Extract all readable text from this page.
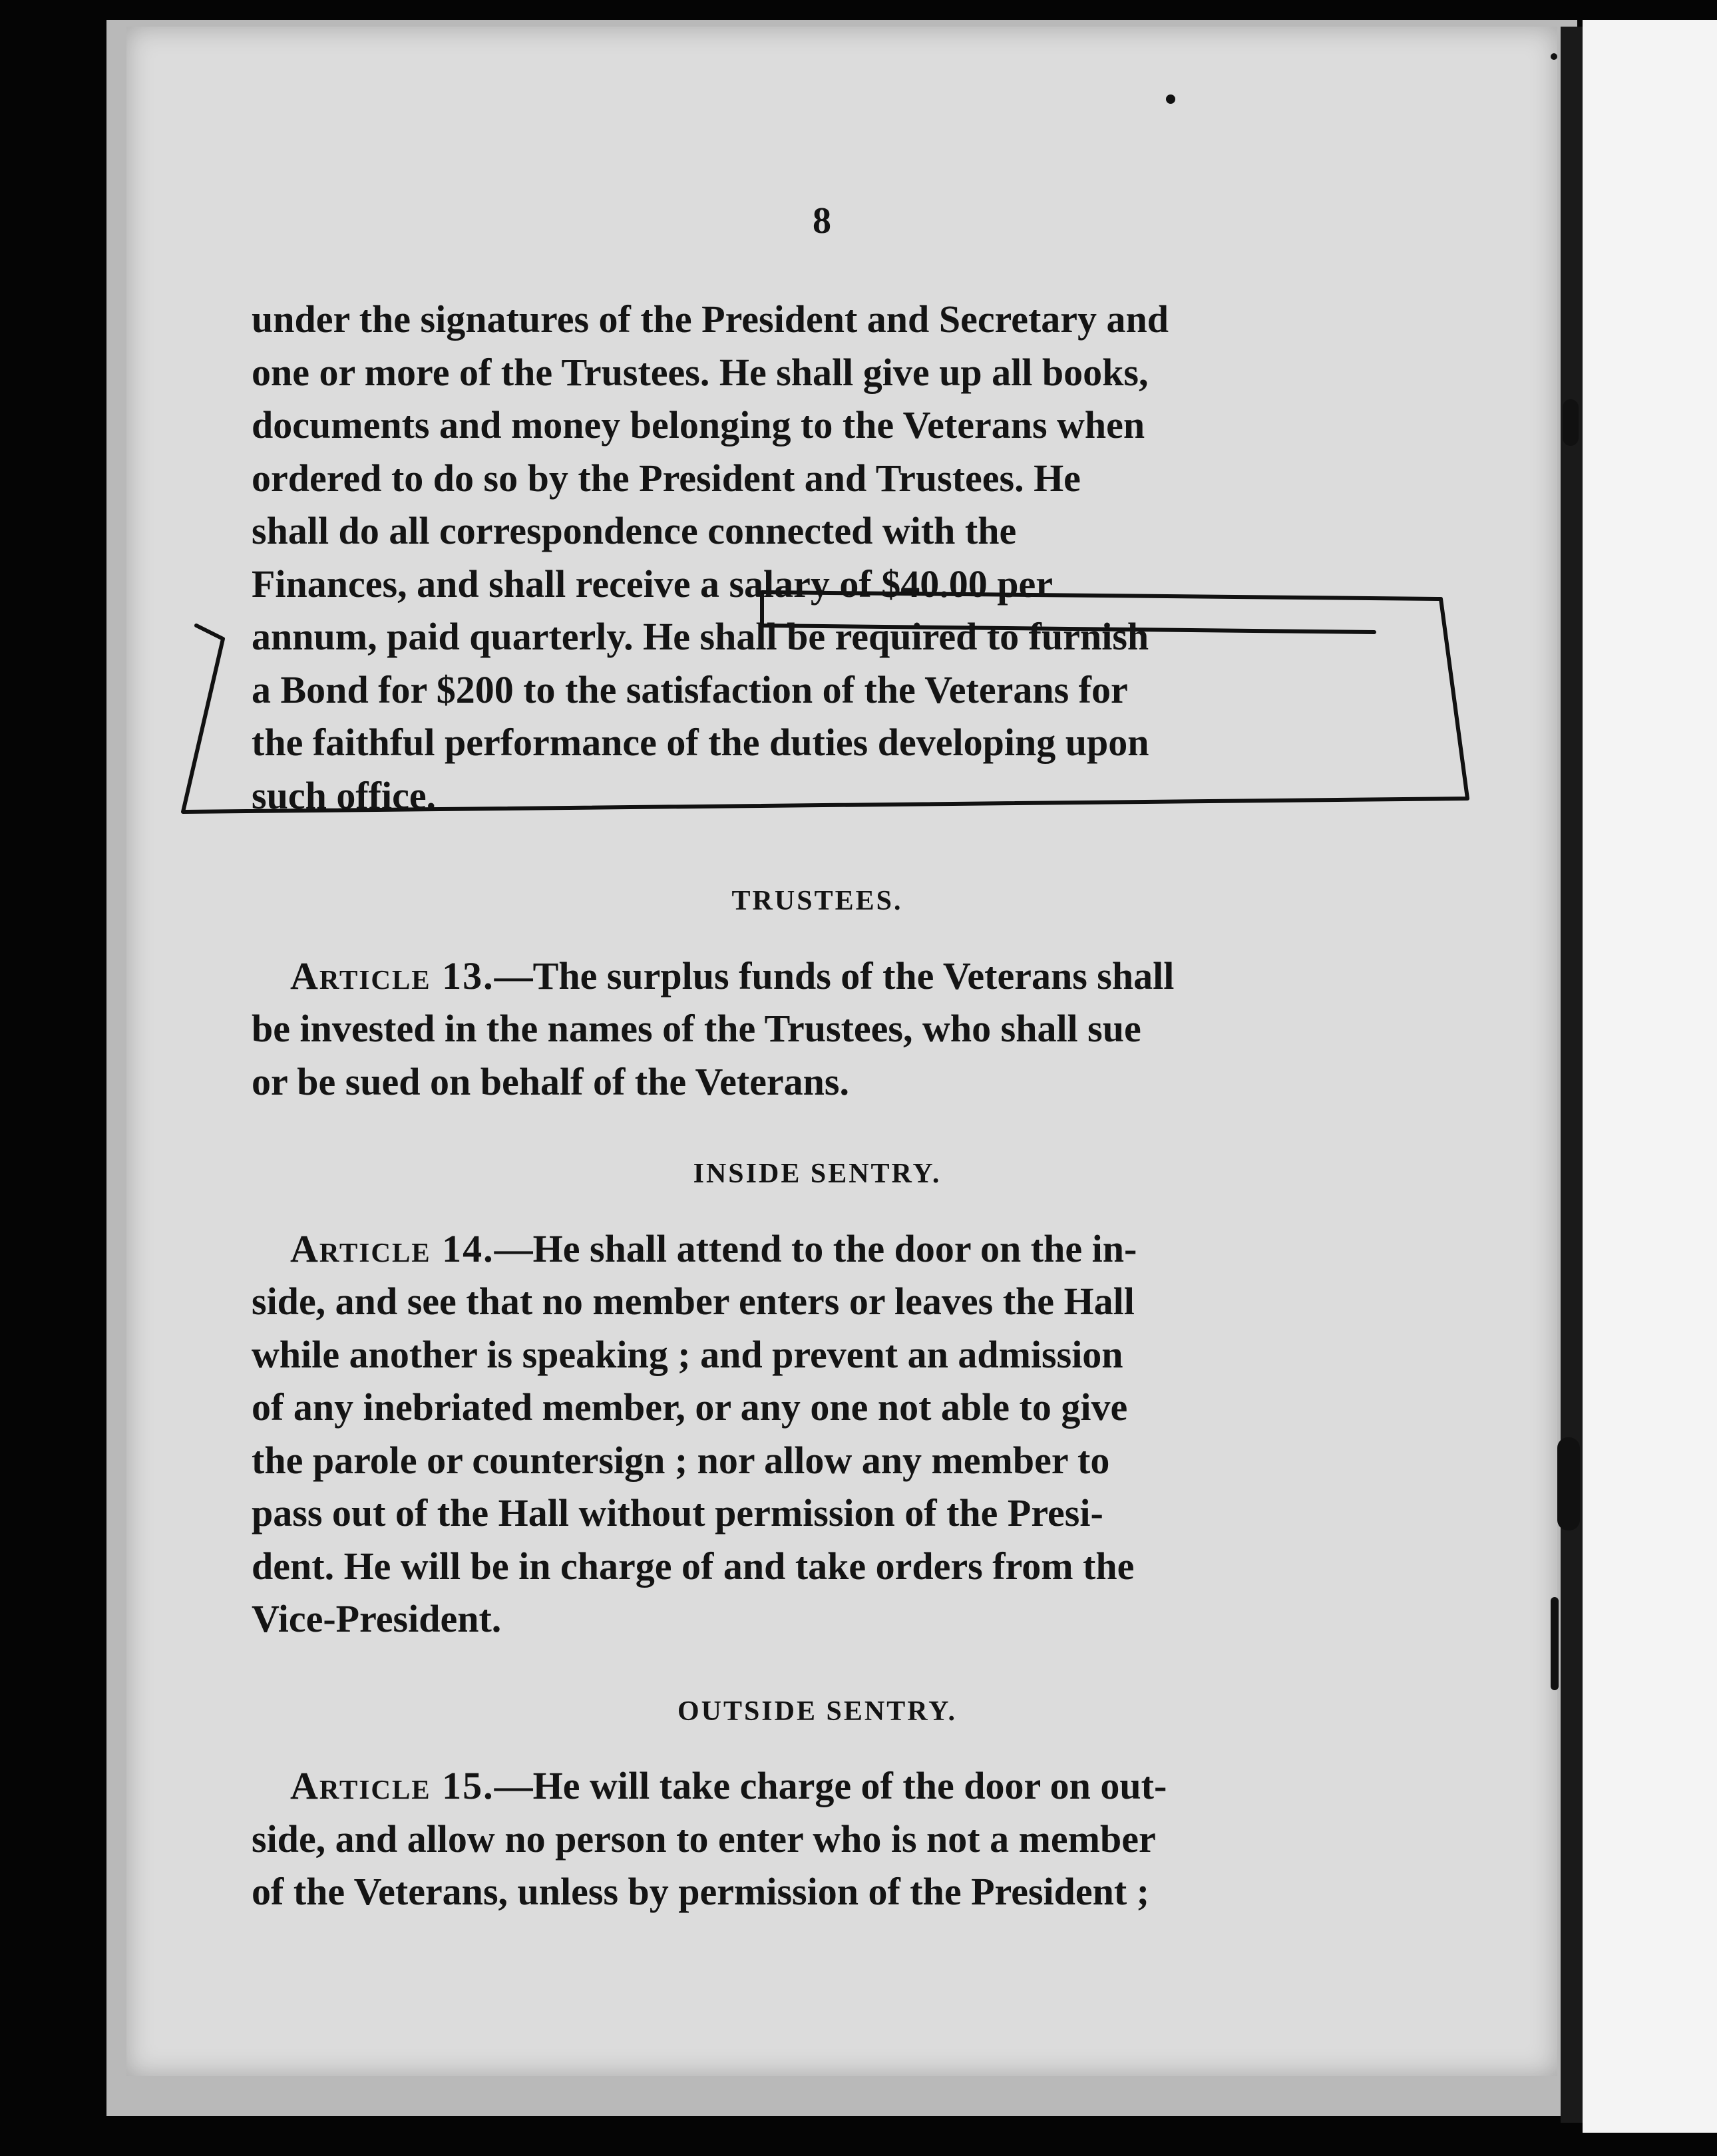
8
under the signatures of the President and Secretary and
one or more of the Trustees. He shall give up all books,
documents and money belonging to the Veterans when
ordered to do so by the President and Trustees. He
shall do all correspondence connected with the
Finances, and shall receive a salary of $40.00 per
annum, paid quarterly. He shall be required to furnish
a Bond for $200 to the satisfaction of the Veterans for
the faithful performance of the duties developing upon
such office.
TRUSTEES.
Article 13.—The surplus funds of the Veterans shall
be invested in the names of the Trustees, who shall sue
or be sued on behalf of the Veterans.
INSIDE SENTRY.
Article 14.—He shall attend to the door on the in-
side, and see that no member enters or leaves the Hall
while another is speaking ; and prevent an admission
of any inebriated member, or any one not able to give
the parole or countersign ; nor allow any member to
pass out of the Hall without permission of the Presi-
dent. He will be in charge of and take orders from the
Vice-President.
OUTSIDE SENTRY.
Article 15.—He will take charge of the door on out-
side, and allow no person to enter who is not a member
of the Veterans, unless by permission of the President ;
